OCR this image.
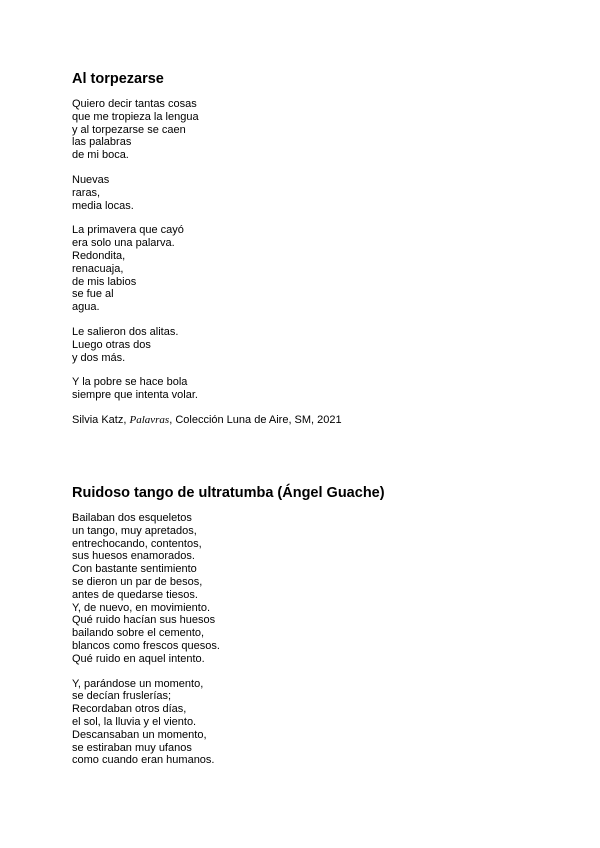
Al torpezarse
Quiero decir tantas cosas
que me tropieza la lengua
y al torpezarse se caen
las palabras
de mi boca.
Nuevas
raras,
media locas.
La primavera que cayó
era solo una palarva.
Redondita,
renacuaja,
de mis labios
se fue al
agua.
Le salieron dos alitas.
Luego otras dos
y dos más.
Y la pobre se hace bola
siempre que intenta volar.
Silvia Katz, Palavras, Colección Luna de Aire, SM, 2021
Ruidoso tango de ultratumba (Ángel Guache)
Bailaban dos esqueletos
un tango, muy apretados,
entrechocando, contentos,
sus huesos enamorados.
Con bastante sentimiento
se dieron un par de besos,
antes de quedarse tiesos.
Y, de nuevo, en movimiento.
Qué ruido hacían sus huesos
bailando sobre el cemento,
blancos como frescos quesos.
Qué ruido en aquel intento.
Y, parándose un momento,
se decían fruslerías;
Recordaban otros días,
el sol, la lluvia y el viento.
Descansaban un momento,
se estiraban muy ufanos
como cuando eran humanos.
